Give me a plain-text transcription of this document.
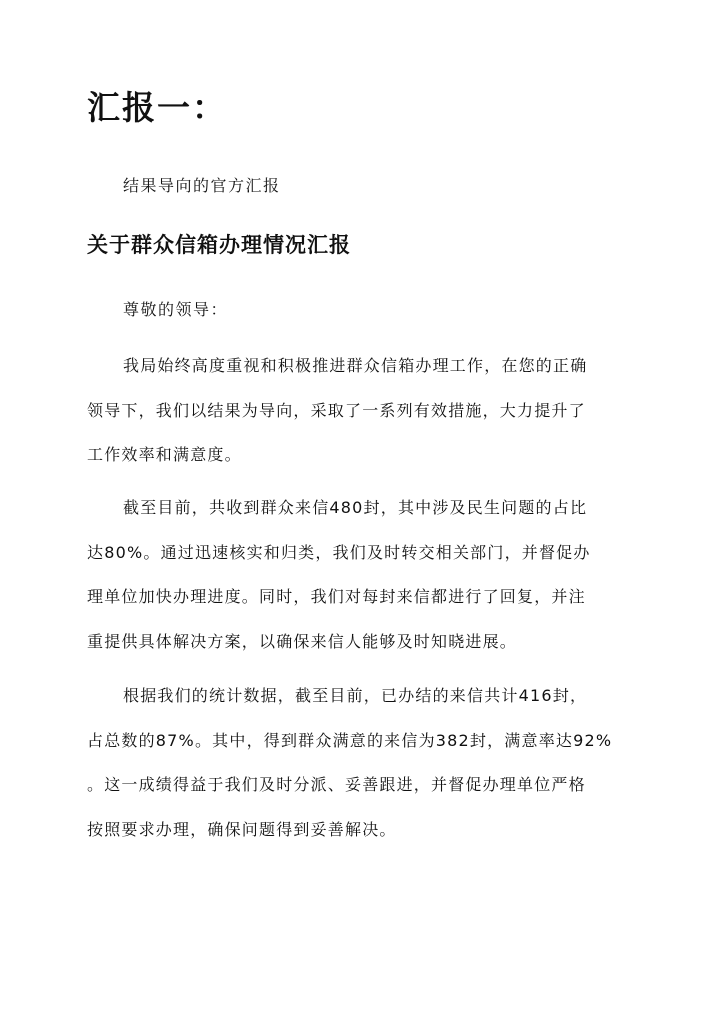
汇报一：

结果导向的官方汇报

关于群众信箱办理情况汇报

尊敬的领导：

我局始终高度重视和积极推进群众信箱办理工作，在您的正确
领导下，我们以结果为导向，采取了一系列有效措施，大力提升了
工作效率和满意度。

截至目前，共收到群众来信480封，其中涉及民生问题的占比
达80%。通过迅速核实和归类，我们及时转交相关部门，并督促办
理单位加快办理进度。同时，我们对每封来信都进行了回复，并注
重提供具体解决方案，以确保来信人能够及时知晓进展。

根据我们的统计数据，截至目前，已办结的来信共计416封，
占总数的87%。其中，得到群众满意的来信为382封，满意率达92%
。这一成绩得益于我们及时分派、妥善跟进，并督促办理单位严格
按照要求办理，确保问题得到妥善解决。
